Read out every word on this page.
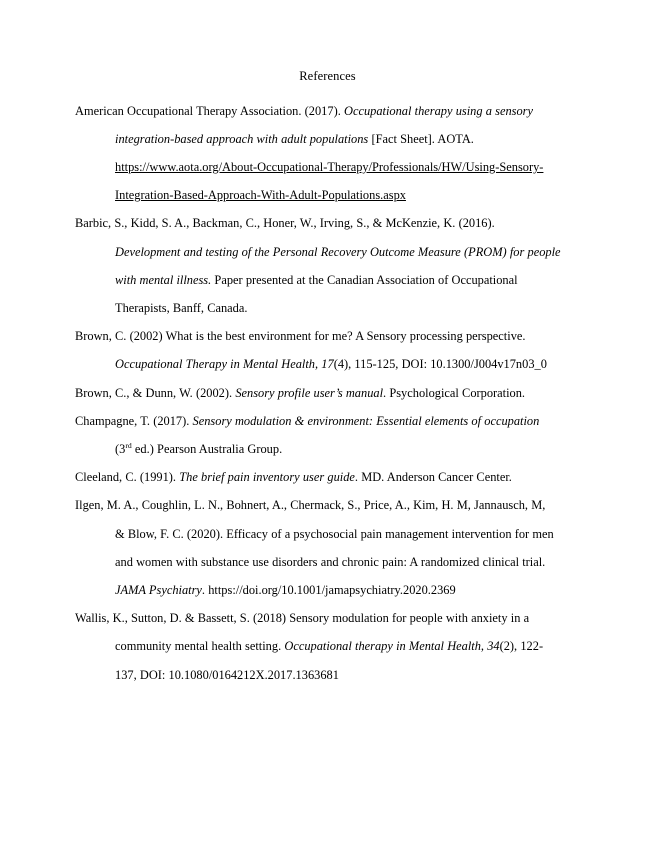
References
American Occupational Therapy Association. (2017). Occupational therapy using a sensory
integration-based approach with adult populations [Fact Sheet]. AOTA.
https://www.aota.org/About-Occupational-Therapy/Professionals/HW/Using-Sensory-
Integration-Based-Approach-With-Adult-Populations.aspx
Barbic, S., Kidd, S. A., Backman, C., Honer, W., Irving, S., & McKenzie, K. (2016).
Development and testing of the Personal Recovery Outcome Measure (PROM) for people
with mental illness. Paper presented at the Canadian Association of Occupational
Therapists, Banff, Canada.
Brown, C. (2002) What is the best environment for me? A Sensory processing perspective.
Occupational Therapy in Mental Health, 17(4), 115-125, DOI: 10.1300/J004v17n03_0
Brown, C., & Dunn, W. (2002). Sensory profile user’s manual. Psychological Corporation.
Champagne, T. (2017). Sensory modulation & environment: Essential elements of occupation
(3rd ed.) Pearson Australia Group.
Cleeland, C. (1991). The brief pain inventory user guide. MD. Anderson Cancer Center.
Ilgen, M. A., Coughlin, L. N., Bohnert, A., Chermack, S., Price, A., Kim, H. M, Jannausch, M,
& Blow, F. C. (2020). Efficacy of a psychosocial pain management intervention for men
and women with substance use disorders and chronic pain: A randomized clinical trial.
JAMA Psychiatry. https://doi.org/10.1001/jamapsychiatry.2020.2369
Wallis, K., Sutton, D. & Bassett, S. (2018) Sensory modulation for people with anxiety in a
community mental health setting. Occupational therapy in Mental Health, 34(2), 122-
137, DOI: 10.1080/0164212X.2017.1363681
